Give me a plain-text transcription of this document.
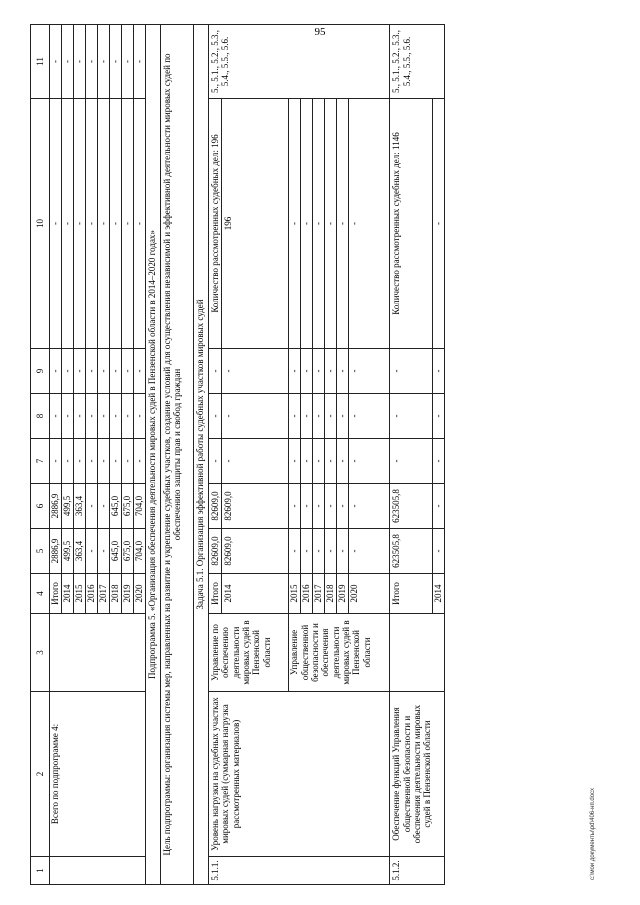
95
1	2	3	4	5	6	7	8	9	10	11
	Всего по подпрограмме 4:		Итого	2886,9	2886,9	-	-	-	-	-
			2014	499,5	499,5	-	-	-	-	-
			2015	363,4	363,4	-	-	-	-	-
			2016	-	-	-	-	-	-	-
			2017	-	-	-	-	-	-	-
			2018	645,0	645,0	-	-	-	-	-
			2019	675,0	675,0	-	-	-	-	-
			2020	704,0	704,0	-	-	-	-	-
Подпрограмма 5. «Организация обеспечения деятельности мировых судей в Пензенской области в 2014–2020 годах»										
Цель подпрограммы: организация системы мер, направленных на развитие и укрепление судебных участков, создание условий для осуществления независимой и эффективной деятельности мировых судей по обеспечению защиты прав и свобод граждан										
Задача 5.1. Организация эффективной работы судебных участков мировых судей										
5.1.1.	Уровень нагрузки на судебных участках мировых судей (суммарная нагрузка рассмотренных материалов)	Управление по обеспечению деятельности мировых судей в Пензенской области	Итого	82609,0	82609,0	-	-	-	Количество рассмотренных судебных дел: 196	5., 5.1., 5.2., 5.3., 5.4., 5.5., 5.6.
			2014	82609,0	82609,0	-	-	-	196	
		Управление общественной безопасности и обеспечения деятельности мировых судей в Пензенской области	2015	-	-	-	-	-	-	
			2016	-	-	-	-	-	-	
			2017	-	-	-	-	-	-	
			2018	-	-	-	-	-	-	
			2019	-	-	-	-	-	-	
			2020	-	-	-	-	-	-	
5.1.2.	Обеспечение функций Управления общественной безопасности и обеспечения деятельности мировых судей в Пензенской области		Итого	623505,8	623505,8	-	-	-	Количество рассмотренных судебных дел: 1146	5., 5.1., 5.2., 5.3., 5.4., 5.5., 5.6.
			2014	-	-	-	-	-	-	
c:\мои документы\pd\406-нп.docx
